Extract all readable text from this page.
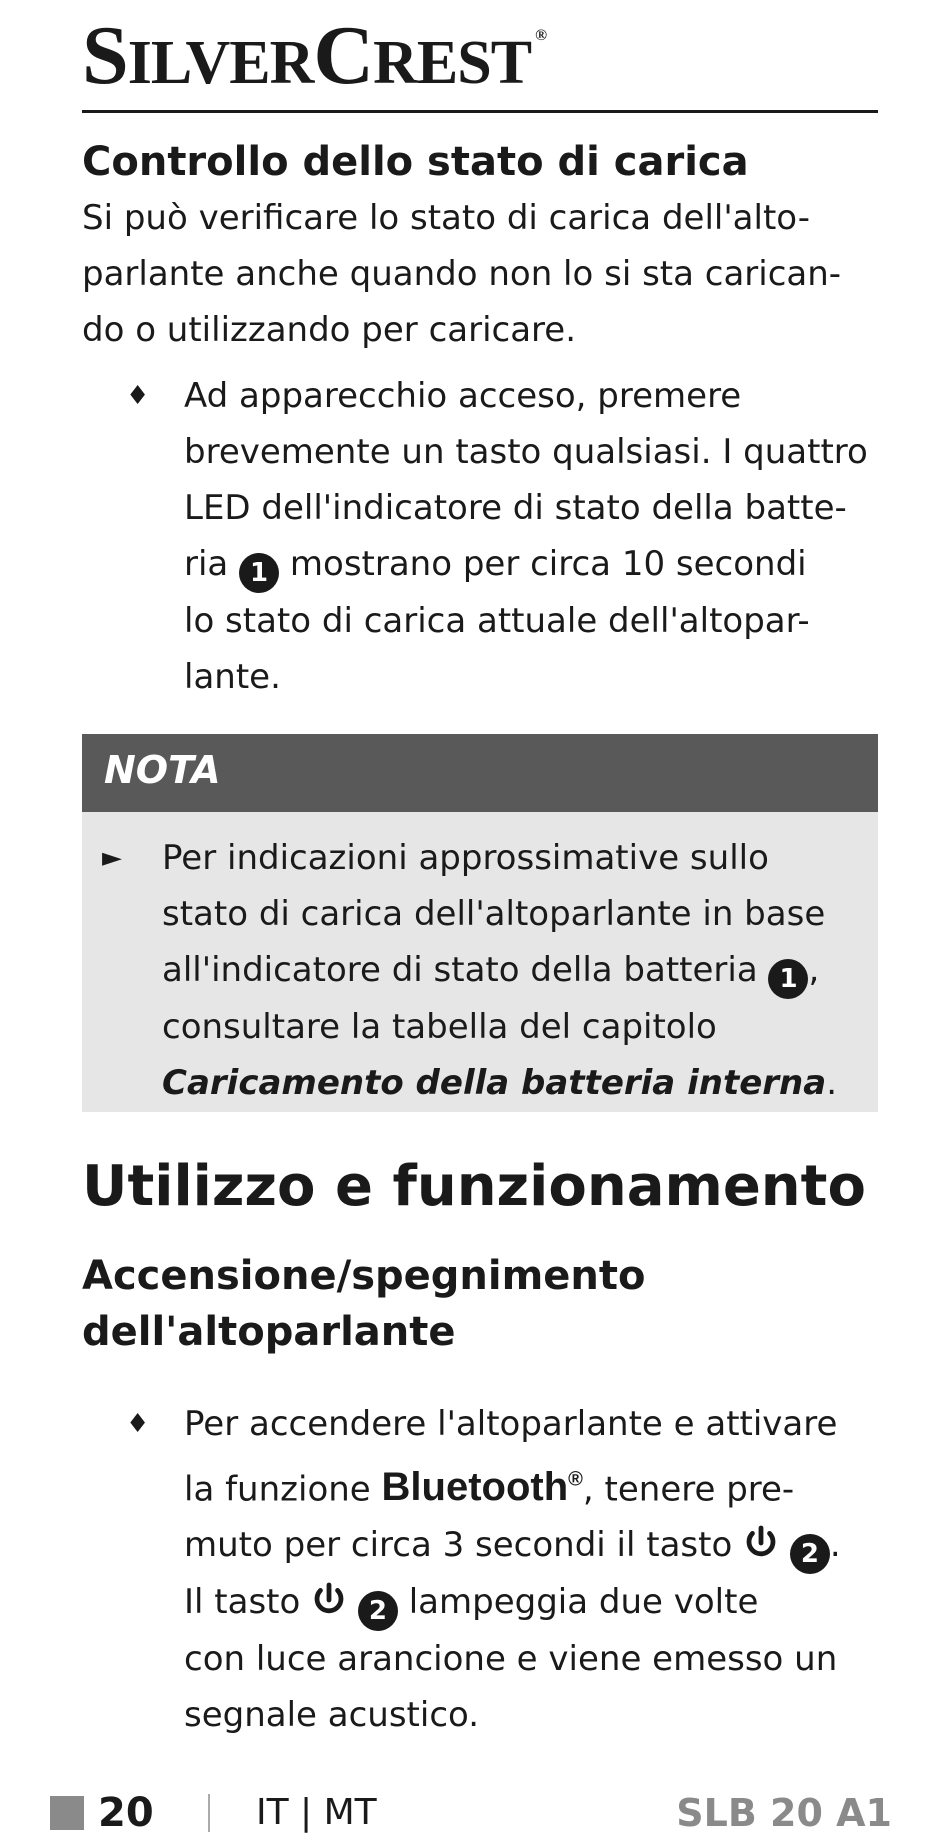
SILVERCREST ®
Controllo dello stato di carica
Si può verificare lo stato di carica dell'alto-
parlante anche quando non lo si sta carican-
do o utilizzando per caricare.
♦ Ad apparecchio acceso, premere
brevemente un tasto qualsiasi. I quattro
LED dell'indicatore di stato della batte-
ria 1 mostrano per circa 10 secondi
lo stato di carica attuale dell'altopar-
lante.
NOTA
► Per indicazioni approssimative sullo
stato di carica dell'altoparlante in base
all'indicatore di stato della batteria 1 ,
consultare la tabella del capitolo
Caricamento della batteria interna.
Utilizzo e funzionamento
Accensione/spegnimento
dell'altoparlante
♦ Per accendere l'altoparlante e attivare
la funzione Bluetooth®, tenere pre-
muto per circa 3 secondi il tasto	2 .
Il tasto	2 lampeggia due volte
con luce arancione e viene emesso un
segnale acustico.
20	IT | MT	SLB 20 A1
